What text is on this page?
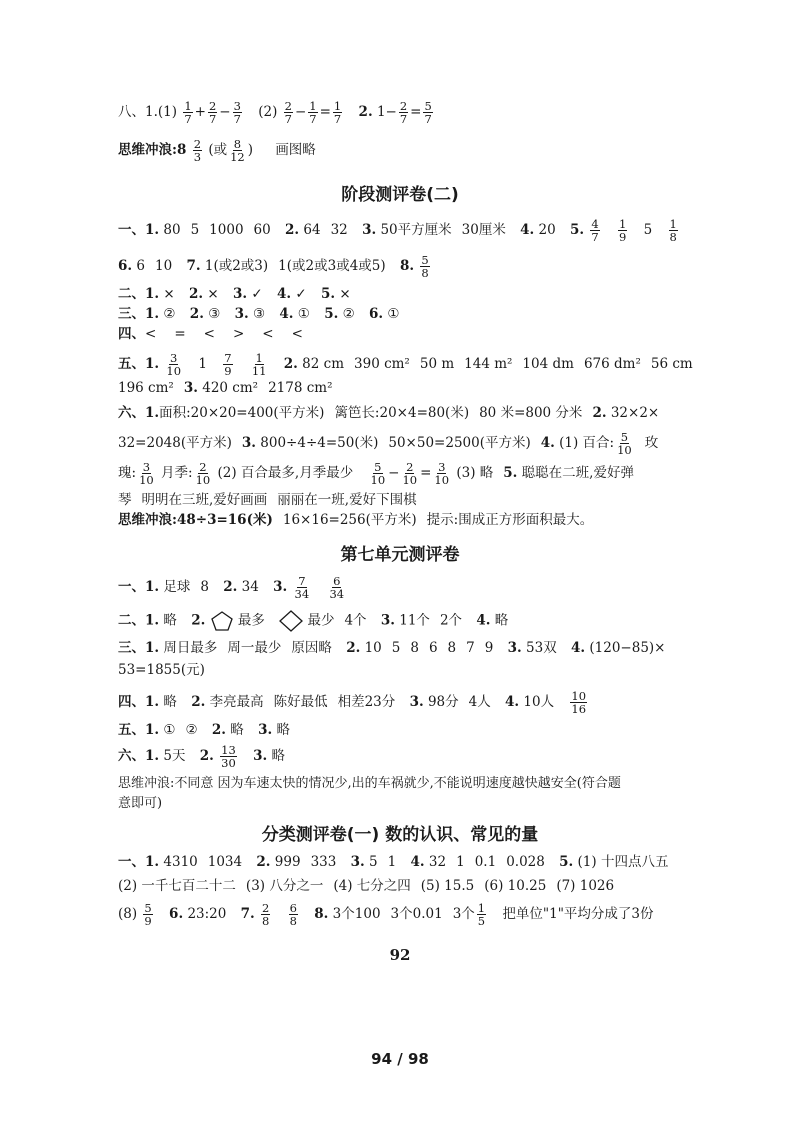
八、$1.(1) \frac{1}{7} + \frac{2}{7} - \frac{3}{7} (2) \frac{2}{7} - \frac{1}{7} = \frac{1}{7} 2$. $1- \frac{2}{7} = \frac{5}{7}$
思维冲浪:8 $\frac{2}{3}$ (或 $\frac{8}{12}$ ) 画图略
阶段测评卷(二)
一、1. 80 5 1000 60 2. 64 32 3. 50平方厘米 30厘米 4. 20 5. $\frac{4}{7}$
$\frac{1}{9} 5 \frac{1}{8}$
6. 6 10 7. 1(或2或3) 1(或2或3或4或5) 8. $\frac{5}{8}$
二、1. × 2. × 3. ✓ 4. ✓ 5. ×
三、1. ② 2. ③ 3. ③ 4. ① 5. ② 6. ①
四、< = < > < <
五、1. $\frac{3}{10} 1 \frac{7}{9}$
$\frac{1}{11} 2$. 82 cm 390 cm² 50 m 144 m² 104 dm 676 dm² 56 cm
196 cm² 3. 420 cm² 2178 cm²
六、1.面积:20×20=400(平方米) 篱笆长:20×4=80(米) 80 米=800 分米 2. 32×2×
32=2048(平方米) 3. 800÷4÷4=50(米) 50×50=2500(平方米) 4. (1) 百合: $\frac{5}{10}$ 玫
瑰: $\frac{3}{10}$ 月季: $\frac{2}{10} (2)$ 百合最多,月季最少 $\frac{5}{10} - \frac{2}{10} = \frac{3}{10} (3)$ 略 5. 聪聪在二班,爱好弹
琴 明明在三班,爱好画画 丽丽在一班,爱好下围棋
思维冲浪:48÷3=16(米) 16×16=256(平方米) 提示:围成正方形面积最大。
第七单元测评卷
一、1. 足球 8 2. 34 3. $\frac{7}{34}$
$\frac{6}{34}$
二、1. 略 2. 最多	最少 4个 3. 11个 2个 4. 略
三、1. 周日最多 周一最少 原因略 2. 10 5 8 6 8 7 9 3. 53双 4. (120−85)×
53=1855(元)
四、1. 略 2. 李亮最高 陈好最低 相差23分 3. 98分 4人 4. 10人 $\frac{10}{16}$
五、1. ① ② 2. 略 3. 略
六、1. 5天 2. $\frac{13}{30} 3$. 略
思维冲浪:不同意 因为车速太快的情况少,出的车祸就少,不能说明速度越快越安全(符合题
意即可)
分类测评卷(一) 数的认识、常见的量
一、1. 4310 1034 2. 999 333 3. 5 1 4. 32 1 0.1 0.028 5. (1) 十四点八五
(2) 一千七百二十二 (3) 八分之一 (4) 七分之四 (5) 15.5 (6) 10.25 (7) 1026
$(8) \frac{5}{9} 6$. 23:20 7. $\frac{2}{8}$
$\frac{6}{8} 8$. 3个100 3个0.01 3个 $\frac{1}{5}$ 把单位"1"平均分成了3份
92
94 / 98
